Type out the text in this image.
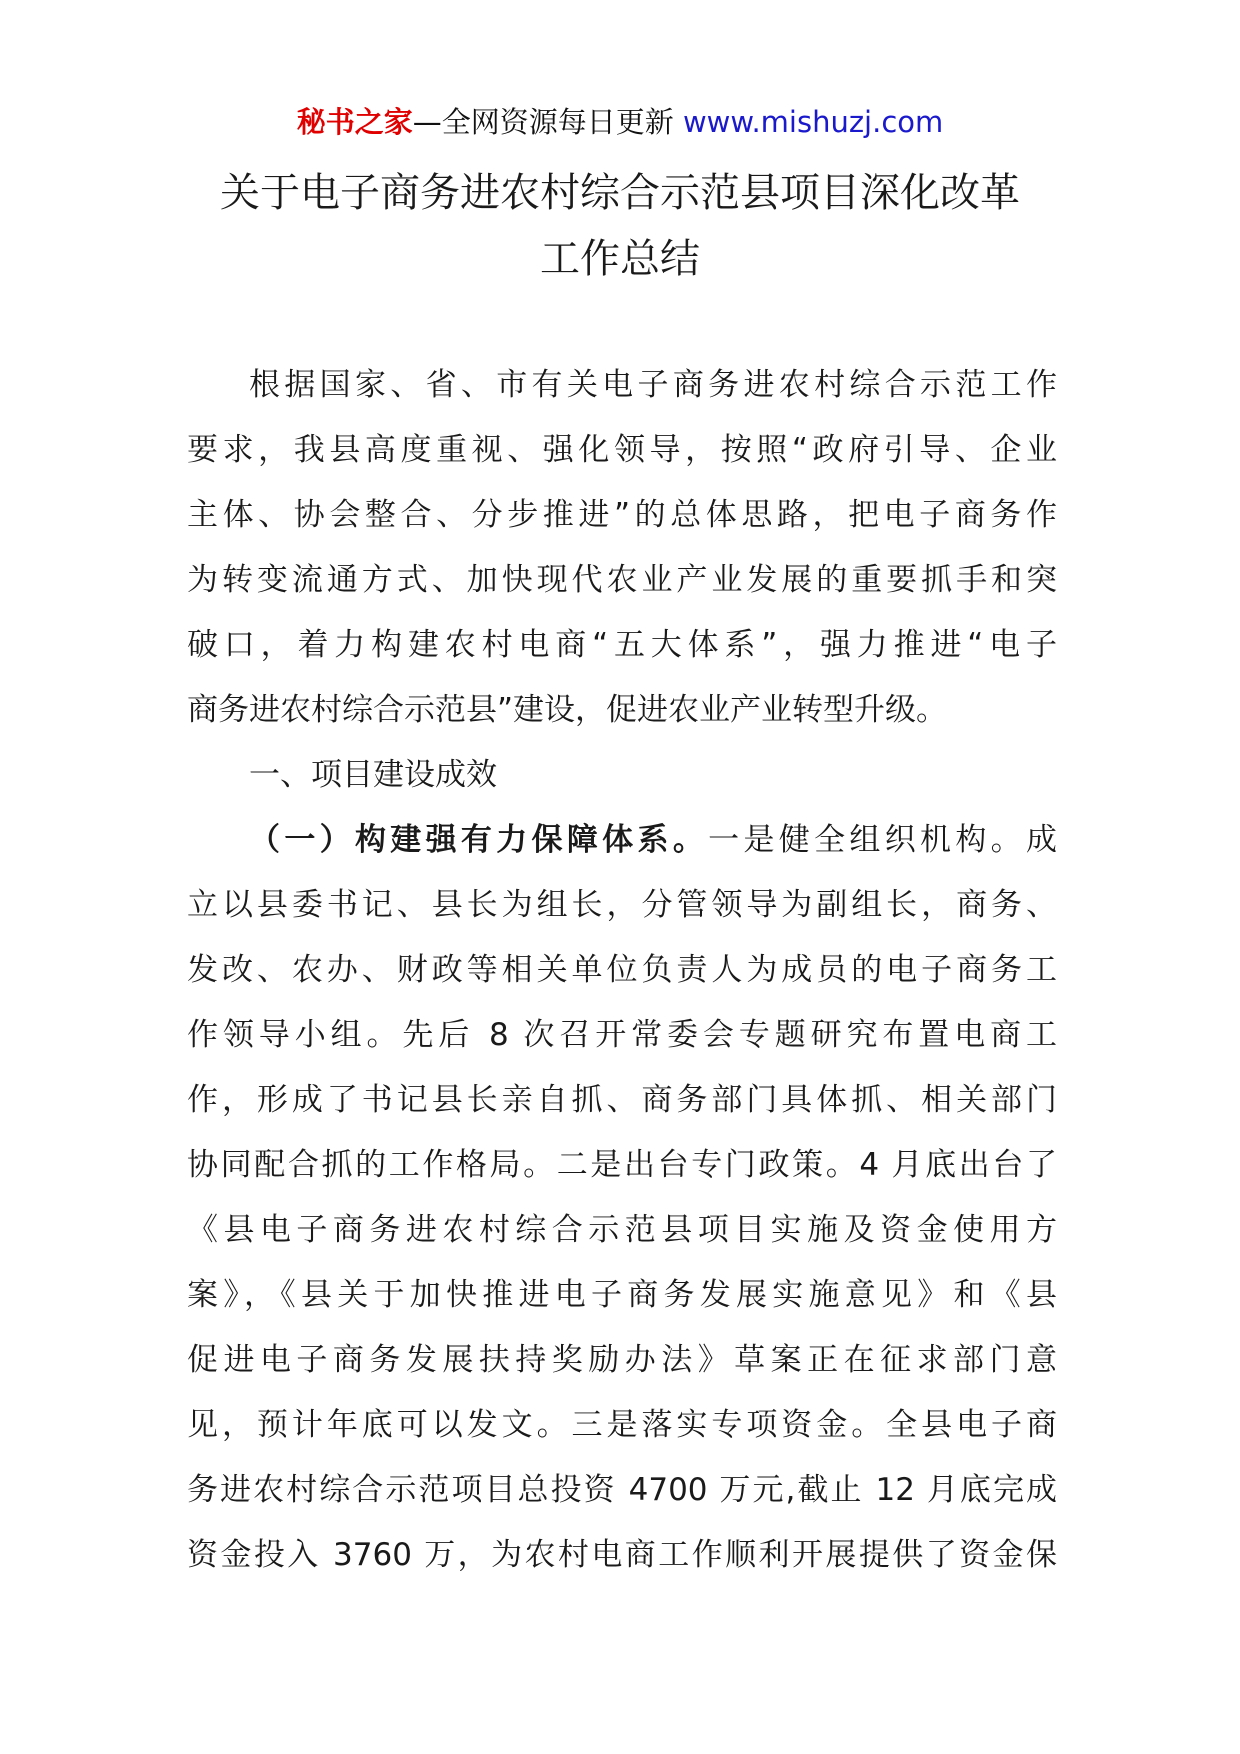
秘书之家—全网资源每日更新 www.mishuzj.com
关于电子商务进农村综合示范县项目深化改革
工作总结
根据国家、省、市有关电子商务进农村综合示范工作
要求，我县高度重视、强化领导，按照“政府引导、企业
主体、协会整合、分步推进”的总体思路，把电子商务作
为转变流通方式、加快现代农业产业发展的重要抓手和突
破口，着力构建农村电商“五大体系”，强力推进“电子
商务进农村综合示范县”建设，促进农业产业转型升级。
一、项目建设成效
（一）构建强有力保障体系。一是健全组织机构。成
立以县委书记、县长为组长，分管领导为副组长，商务、
发改、农办、财政等相关单位负责人为成员的电子商务工
作领导小组。先后 8 次召开常委会专题研究布置电商工
作，形成了书记县长亲自抓、商务部门具体抓、相关部门
协同配合抓的工作格局。二是出台专门政策。4 月底出台了
《县电子商务进农村综合示范县项目实施及资金使用方
案》，《县关于加快推进电子商务发展实施意见》和《县
促进电子商务发展扶持奖励办法》草案正在征求部门意
见，预计年底可以发文。三是落实专项资金。全县电子商
务进农村综合示范项目总投资 4700 万元,截止 12 月底完成
资金投入 3760 万，为农村电商工作顺利开展提供了资金保
